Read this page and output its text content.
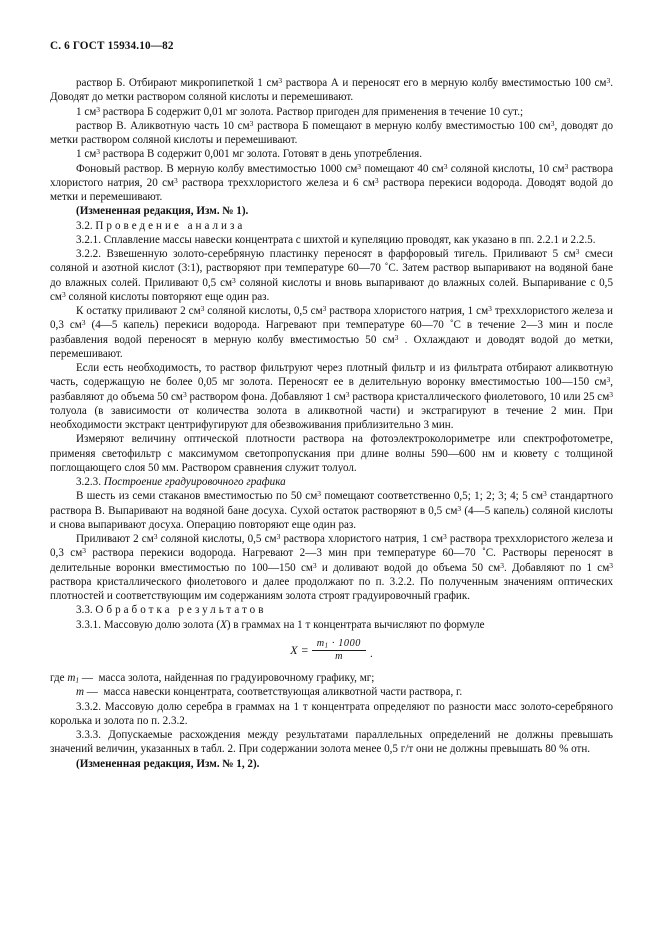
С. 6 ГОСТ 15934.10—82

раствор Б. Отбирают микропипеткой 1 $см^3$ раствора А и переносят его в мерную колбу вместимостью 100 $см^3$. Доводят до метки раствором соляной кислоты и перемешивают.

1 $см^3$ раствора Б содержит 0,01 мг золота. Раствор пригоден для применения в течение 10 сут.;

раствор В. Аликвотную часть 10 $см^3$ раствора Б помещают в мерную колбу вместимостью 100 $см^3$, доводят до метки раствором соляной кислоты и перемешивают.

1 $см^3$ раствора В содержит 0,001 мг золота. Готовят в день употребления.

Фоновый раствор. В мерную колбу вместимостью 1000 $см^3$ помещают 40 $см^3$ соляной кислоты, 10 $см^3$ раствора хлористого натрия, 20 $см^3$ раствора треххлористого железа и 6 $см^3$ раствора перекиси водорода. Доводят водой до метки и перемешивают.

(Измененная редакция, Изм. № 1).

3.2. Проведение анализа

3.2.1. Сплавление массы навески концентрата с шихтой и купеляцию проводят, как указано в пп. 2.2.1 и 2.2.5.

3.2.2. Взвешенную золото-серебряную пластинку переносят в фарфоровый тигель. Приливают 5 $см^3$ смеси соляной и азотной кислот (3:1), растворяют при температуре 60—70 ˚С. Затем раствор выпаривают на водяной бане до влажных солей. Приливают 0,5 $см^3$ соляной кислоты и вновь выпаривают до влажных солей. Выпаривание с 0,5 $см^3$ соляной кислоты повторяют еще один раз.

К остатку приливают 2 $см^3$ соляной кислоты, 0,5 $см^3$ раствора хлористого натрия, 1 $см^3$ треххлористого железа и 0,3 $см^3$ (4—5 капель) перекиси водорода. Нагревают при температуре 60—70 ˚С в течение 2—3 мин и после разбавления водой переносят в мерную колбу вместимостью 50 $см^3$ . Охлаждают и доводят водой до метки, перемешивают.

Если есть необходимость, то раствор фильтруют через плотный фильтр и из фильтрата отбирают аликвотную часть, содержащую не более 0,05 мг золота. Переносят ее в делительную воронку вместимостью 100—150 $см^3$, разбавляют до объема 50 $см^3$ раствором фона. Добавляют 1 $см^3$ раствора кристаллического фиолетового, 10 или 25 $см^3$ толуола (в зависимости от количества золота в аликвотной части) и экстрагируют в течение 2 мин. При необходимости экстракт центрифугируют для обезвоживания приблизительно 3 мин.

Измеряют величину оптической плотности раствора на фотоэлектроколориметре или спектрофотометре, применяя светофильтр с максимумом светопропускания при длине волны 590—600 нм и кювету с толщиной поглощающего слоя 50 мм. Раствором сравнения служит толуол.

3.2.3. Построение градуировочного графика

В шесть из семи стаканов вместимостью по 50 $см^3$ помещают соответственно 0,5; 1; 2; 3; 4; 5 $см^3$ стандартного раствора В. Выпаривают на водяной бане досуха. Сухой остаток растворяют в 0,5 $см^3$ (4—5 капель) соляной кислоты и снова выпаривают досуха. Операцию повторяют еще один раз.

Приливают 2 $см^3$ соляной кислоты, 0,5 $см^3$ раствора хлористого натрия, 1 $см^3$ раствора треххлористого железа и 0,3 $см^3$ раствора перекиси водорода. Нагревают 2—3 мин при температуре 60—70 ˚С. Растворы переносят в делительные воронки вместимостью по 100—150 $см^3$ и доливают водой до объема 50 $см^3$. Добавляют по 1 $см^3$ раствора кристаллического фиолетового и далее продолжают по п. 3.2.2. По полученным значениям оптических плотностей и соответствующим им содержаниям золота строят градуировочный график.

3.3. Обработка результатов

3.3.1. Массовую долю золота (X) в граммах на 1 т концентрата вычисляют по формуле

$X = \frac{m_1 \cdot 1000}{m}$ .

где $m_1$ —  масса золота, найденная по градуировочному графику, мг;

m —  масса навески концентрата, соответствующая аликвотной части раствора, г.

3.3.2. Массовую долю серебра в граммах на 1 т концентрата определяют по разности масс золото-серебряного королька и золота по п. 2.3.2.

3.3.3. Допускаемые расхождения между результатами параллельных определений не должны превышать значений величин, указанных в табл. 2. При содержании золота менее 0,5 г/т они не должны превышать 80 % отн.

(Измененная редакция, Изм. № 1, 2).
